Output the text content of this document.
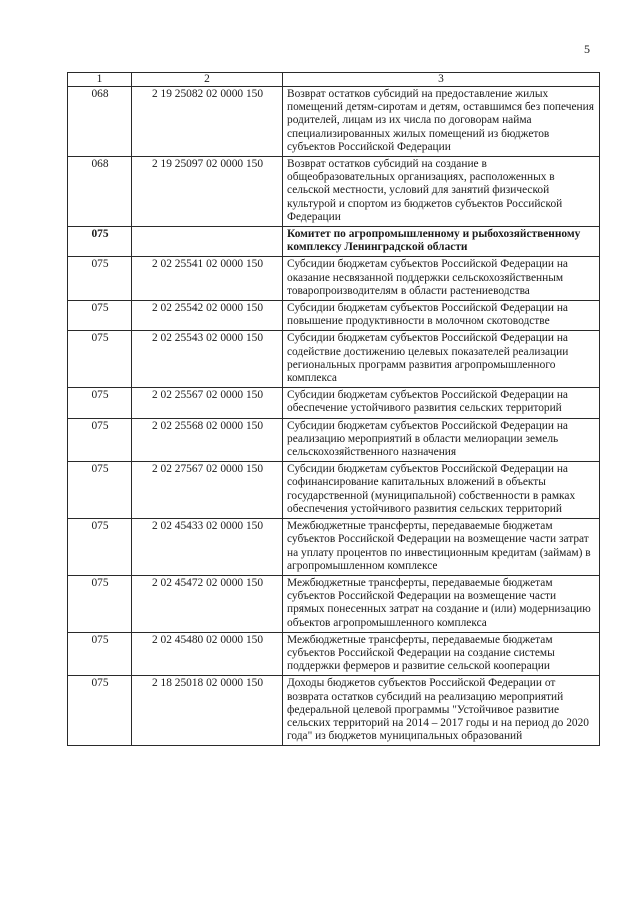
5
1	2	3
068	2 19 25082 02 0000 150	Возврат остатков субсидий на предоставление жилых помещений детям-сиротам и детям, оставшимся без попечения родителей, лицам из их числа по договорам найма специализированных жилых помещений из бюджетов субъектов Российской Федерации
068	2 19 25097 02 0000 150	Возврат остатков субсидий на создание в общеобразовательных организациях, расположенных в сельской местности, условий для занятий физической культурой и спортом из бюджетов субъектов Российской Федерации
075		Комитет по агропромышленному и рыбохозяйственному комплексу Ленинградской области
075	2 02 25541 02 0000 150	Субсидии бюджетам субъектов Российской Федерации на оказание несвязанной поддержки сельскохозяйственным товаропроизводителям в области растениеводства
075	2 02 25542 02 0000 150	Субсидии бюджетам субъектов Российской Федерации на повышение продуктивности в молочном скотоводстве
075	2 02 25543 02 0000 150	Субсидии бюджетам субъектов Российской Федерации на содействие достижению целевых показателей реализации региональных программ развития агропромышленного комплекса
075	2 02 25567 02 0000 150	Субсидии бюджетам субъектов Российской Федерации на обеспечение устойчивого развития сельских территорий
075	2 02 25568 02 0000 150	Субсидии бюджетам субъектов Российской Федерации на реализацию мероприятий в области мелиорации земель сельскохозяйственного назначения
075	2 02 27567 02 0000 150	Субсидии бюджетам субъектов Российской Федерации на софинансирование капитальных вложений в объекты государственной (муниципальной) собственности в рамках обеспечения устойчивого развития сельских территорий
075	2 02 45433 02 0000 150	Межбюджетные трансферты, передаваемые бюджетам субъектов Российской Федерации на возмещение части затрат на уплату процентов по инвестиционным кредитам (займам) в агропромышленном комплексе
075	2 02 45472 02 0000 150	Межбюджетные трансферты, передаваемые бюджетам субъектов Российской Федерации на возмещение части прямых понесенных затрат на создание и (или) модернизацию объектов агропромышленного комплекса
075	2 02 45480 02 0000 150	Межбюджетные трансферты, передаваемые бюджетам субъектов Российской Федерации на создание системы поддержки фермеров и развитие сельской кооперации
075	2 18 25018 02 0000 150	Доходы бюджетов субъектов Российской Федерации от возврата остатков субсидий на реализацию мероприятий федеральной целевой программы "Устойчивое развитие сельских территорий на 2014 – 2017 годы и на период до 2020 года" из бюджетов муниципальных образований
